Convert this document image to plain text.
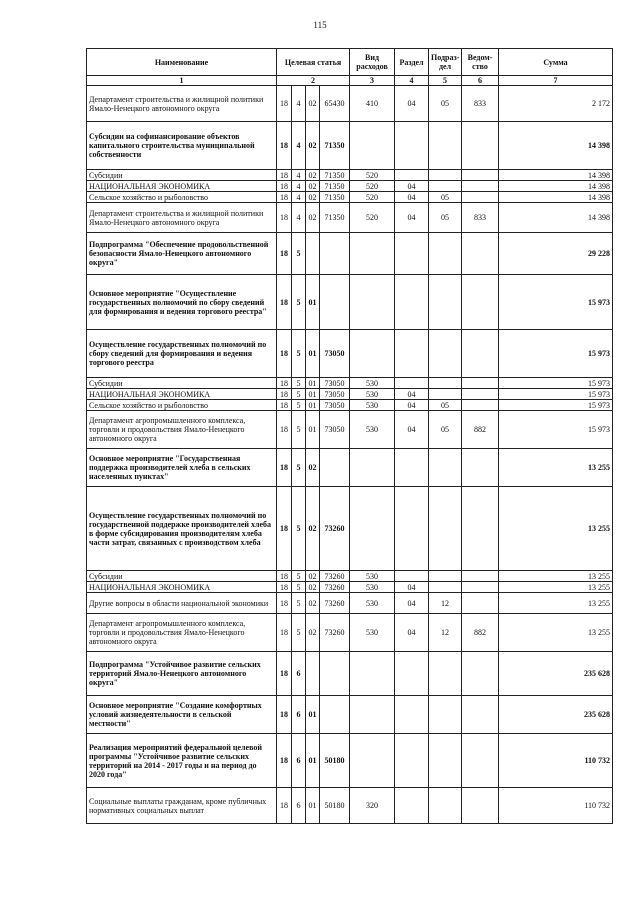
115
Наименование	Целевая статья				Вид расходов	Раздел	Подраз-дел	Ведом-ство	Сумма
1	2				3	4	5	6	7
Департамент строительства и жилищной политики Ямало-Ненецкого автономного округа	18	4	02	65430	410	04	05	833	2 172
Субсидии на софинансирование объектов капитального строительства муниципальной собственности	18	4	02	71350					14 398
Субсидии	18	4	02	71350	520				14 398
НАЦИОНАЛЬНАЯ ЭКОНОМИКА	18	4	02	71350	520	04			14 398
Сельское хозяйство и рыболовство	18	4	02	71350	520	04	05		14 398
Департамент строительства и жилищной политики Ямало-Ненецкого автономного округа	18	4	02	71350	520	04	05	833	14 398
Подпрограмма "Обеспечение продовольственной безопасности Ямало-Ненецкого автономного округа"	18	5							29 228
Основное мероприятие "Осуществление государственных полномочий по сбору сведений для формирования и ведения торгового реестра"	18	5	01						15 973
Осуществление государственных полномочий по сбору сведений для формирования и ведения торгового реестра	18	5	01	73050					15 973
Субсидии	18	5	01	73050	530				15 973
НАЦИОНАЛЬНАЯ ЭКОНОМИКА	18	5	01	73050	530	04			15 973
Сельское хозяйство и рыболовство	18	5	01	73050	530	04	05		15 973
Департамент агропромышленного комплекса, торговли и продовольствия Ямало-Ненецкого автономного округа	18	5	01	73050	530	04	05	882	15 973
Основное мероприятие "Государственная поддержка производителей хлеба в сельских населенных пунктах"	18	5	02						13 255
Осуществление государственных полномочий по государственной поддержке производителей хлеба в форме субсидирования производителям хлеба части затрат, связанных с производством хлеба	18	5	02	73260					13 255
Субсидии	18	5	02	73260	530				13 255
НАЦИОНАЛЬНАЯ ЭКОНОМИКА	18	5	02	73260	530	04			13 255
Другие вопросы в области национальной экономики	18	5	02	73260	530	04	12		13 255
Департамент агропромышленного комплекса, торговли и продовольствия Ямало-Ненецкого автономного округа	18	5	02	73260	530	04	12	882	13 255
Подпрограмма "Устойчивое развитие сельских территорий Ямало-Ненецкого автономного округа"	18	6							235 628
Основное мероприятие "Создание комфортных условий жизнедеятельности в сельской местности"	18	6	01						235 628
Реализация мероприятий федеральной целевой программы "Устойчивое развитие сельских территорий на 2014 - 2017 годы и на период до 2020 года"	18	6	01	50180					110 732
Социальные выплаты гражданам, кроме публичных нормативных социальных выплат	18	6	01	50180	320				110 732
